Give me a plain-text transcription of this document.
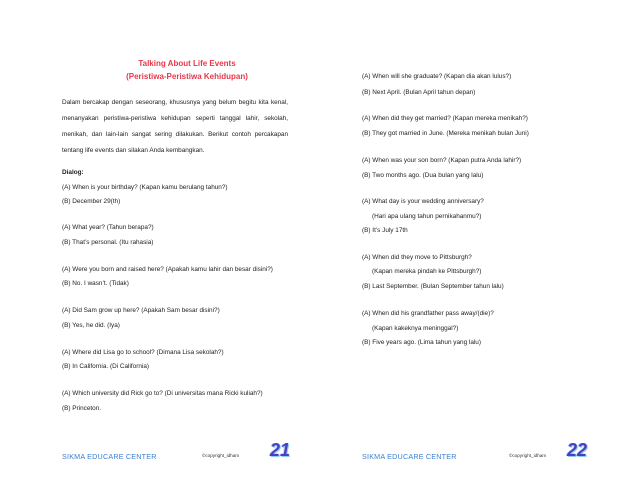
Talking About Life Events
(Peristiwa-Peristiwa Kehidupan)
Dalam bercakap dengan seseorang, khususnya yang belum begitu kita kenal, menanyakan peristiwa-peristiwa kehidupan seperti tanggal lahir, sekolah, menikah, dan lain-lain sangat sering dilakukan. Berikut contoh percakapan tentang life events dan silakan Anda kembangkan.
Dialog:
(A) When is your birthday? (Kapan kamu berulang tahun?)
(B) December 29(th)
(A) What year? (Tahun berapa?)
(B) That’s personal. (Itu rahasia)
(A) Were you born and raised here? (Apakah kamu lahir dan besar disini?)
(B) No. I wasn’t. (Tidak)
(A) Did Sam grow up here? (Apakah Sam besar disini?)
(B) Yes, he did. (Iya)
(A) Where did Lisa go to school? (Dimana Lisa sekolah?)
(B) In California. (Di California)
(A) Which university did Rick go to? (Di universitas mana Ricki kuliah?)
(B) Princeton.
SIKMA EDUCARE CENTER	©copyright_idham 21
(A) When will she graduate? (Kapan dia akan lulus?)
(B) Next April. (Bulan April tahun depan)
(A) When did they get married? (Kapan mereka menikah?)
(B) They got married in June. (Mereka menikah bulan Juni)
(A) When was your son born? (Kapan putra Anda lahir?)
(B) Two months ago. (Dua bulan yang lalu)
(A) What day is your wedding anniversary?
(Hari apa ulang tahun pernikahanmu?)
(B) It’s July 17th
(A) When did they move to Pittsburgh?
(Kapan mereka pindah ke Pittsburgh?)
(B) Last September. (Bulan September tahun lalu)
(A) When did his grandfather pass away/(die)?
(Kapan kakeknya meninggal?)
(B) Five years ago. (Lima tahun yang lalu)
SIKMA EDUCARE CENTER	©copyright_idham 22
